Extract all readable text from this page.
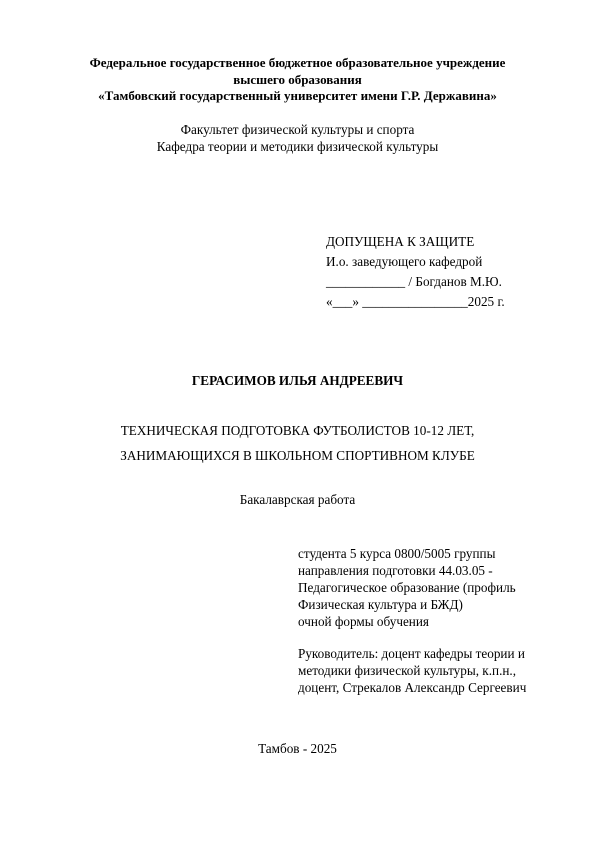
Федеральное государственное бюджетное образовательное учреждение
высшего образования
«Тамбовский государственный университет имени Г.Р. Державина»
Факультет физической культуры и спорта
Кафедра теории и методики физической культуры
ДОПУЩЕНА К ЗАЩИТЕ
И.о. заведующего кафедрой
____________ / Богданов М.Ю.
«___» ________________2025 г.
ГЕРАСИМОВ ИЛЬЯ АНДРЕЕВИЧ
ТЕХНИЧЕСКАЯ ПОДГОТОВКА ФУТБОЛИСТОВ 10-12 ЛЕТ,
ЗАНИМАЮЩИХСЯ В ШКОЛЬНОМ СПОРТИВНОМ КЛУБЕ
Бакалаврская работа
студента 5 курса 0800/5005 группы
направления подготовки 44.03.05 -
Педагогическое образование (профиль
Физическая культура и БЖД)
очной формы обучения
Руководитель: доцент кафедры теории и
методики физической культуры, к.п.н.,
доцент, Стрекалов Александр Сергеевич
Тамбов - 2025
